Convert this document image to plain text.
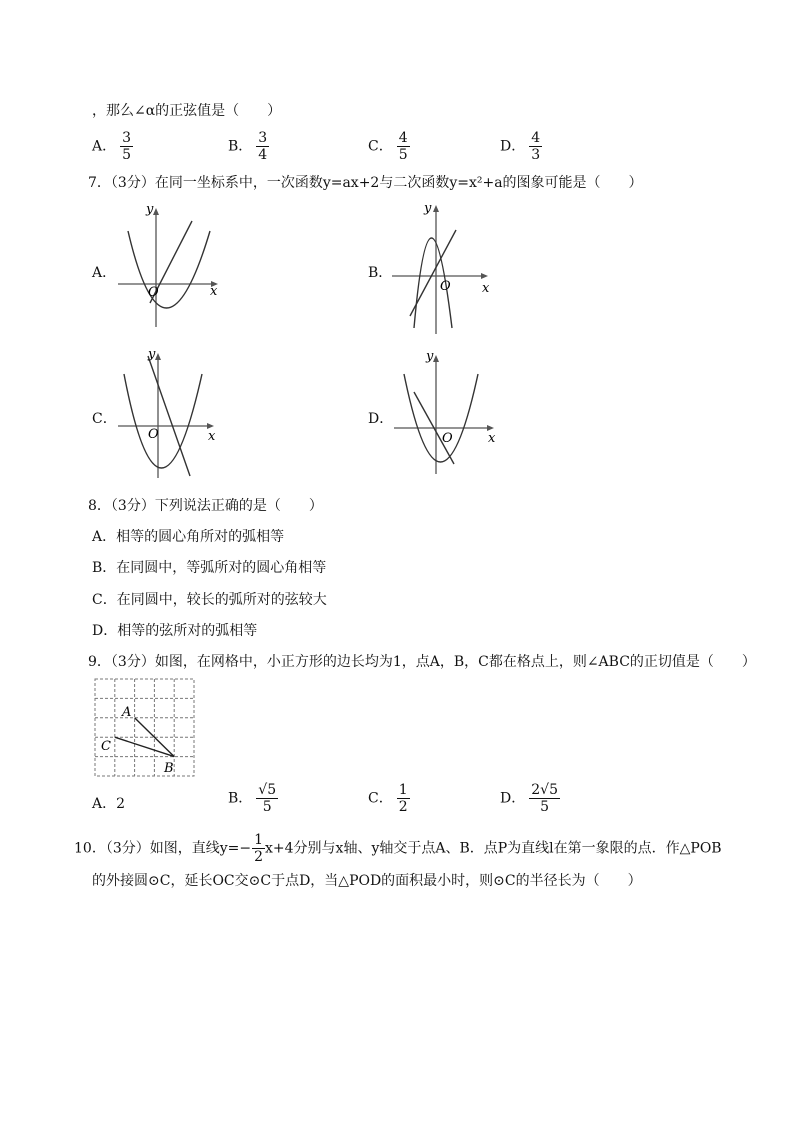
，那么∠α的正弦值是（　　）
A． $\frac{3}{5}$	B． $\frac{3}{4}$	C． $\frac{4}{5}$	D． $\frac{4}{3}$
7．（3分）在同一坐标系中，一次函数y=ax+2与二次函数y=x²+a的图象可能是（　　）
A．
y
x
O
B．
y
x
O
C．
y
x
O
D．
y
x
O
8．（3分）下列说法正确的是（　　）
A．相等的圆心角所对的弧相等
B．在同圆中，等弧所对的圆心角相等
C．在同圆中，较长的弧所对的弦较大
D．相等的弦所对的弧相等
9．（3分）如图，在网格中，小正方形的边长均为1，点A，B，C都在格点上，则∠ABC的正切值是（　　）
A
B
C
A．2	B． $\frac{√5}{5}$	C． $\frac{1}{2}$	D． $\frac{2√5}{5}$
10．（3分）如图，直线$y=- \frac{1}{2} x+4$分别与x轴、y轴交于点A、B．点P为直线l在第一象限的点．作△POB
的外接圆⊙C，延长OC交⊙C于点D，当△POD的面积最小时，则⊙C的半径长为（　　）
